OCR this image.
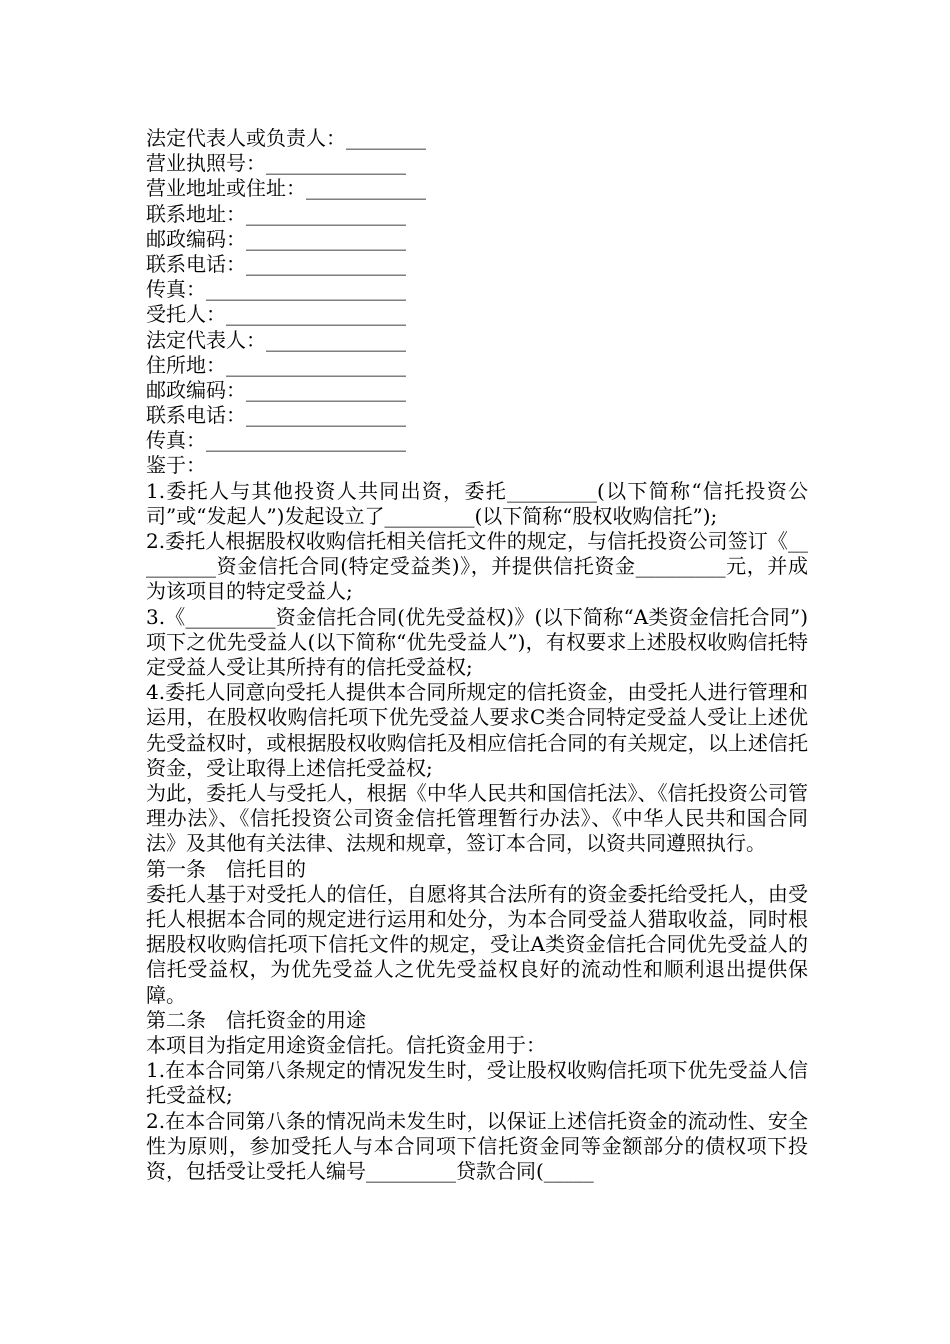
法定代表人或负责人：________
营业执照号：______________
营业地址或住址：____________
联系地址：________________
邮政编码：________________
联系电话：________________
传真：____________________
受托人：__________________
法定代表人：______________
住所地：__________________
邮政编码：________________
联系电话：________________
传真：____________________
鉴于：
1.委托人与其他投资人共同出资，委托_________(以下简称“信托投资公司”或“发起人”)发起设立了_________(以下简称“股权收购信托”);
2.委托人根据股权收购信托相关信托文件的规定，与信托投资公司签订《_________资金信托合同(特定受益类)》，并提供信托资金_________元，并成为该项目的特定受益人;
3.《_________资金信托合同(优先受益权)》(以下简称“A类资金信托合同”)项下之优先受益人(以下简称“优先受益人”)，有权要求上述股权收购信托特定受益人受让其所持有的信托受益权;
4.委托人同意向受托人提供本合同所规定的信托资金，由受托人进行管理和运用，在股权收购信托项下优先受益人要求C类合同特定受益人受让上述优先受益权时，或根据股权收购信托及相应信托合同的有关规定，以上述信托资金，受让取得上述信托受益权;
为此，委托人与受托人，根据《中华人民共和国信托法》、《信托投资公司管理办法》、《信托投资公司资金信托管理暂行办法》、《中华人民共和国合同法》及其他有关法律、法规和规章，签订本合同，以资共同遵照执行。
第一条　信托目的
委托人基于对受托人的信任，自愿将其合法所有的资金委托给受托人，由受托人根据本合同的规定进行运用和处分，为本合同受益人猎取收益，同时根据股权收购信托项下信托文件的规定，受让A类资金信托合同优先受益人的信托受益权，为优先受益人之优先受益权良好的流动性和顺利退出提供保障。
第二条　信托资金的用途
本项目为指定用途资金信托。信托资金用于：
1.在本合同第八条规定的情况发生时，受让股权收购信托项下优先受益人信托受益权;
2.在本合同第八条的情况尚未发生时，以保证上述信托资金的流动性、安全性为原则，参加受托人与本合同项下信托资金同等金额部分的债权项下投资，包括受让受托人编号_________贷款合同(_____
